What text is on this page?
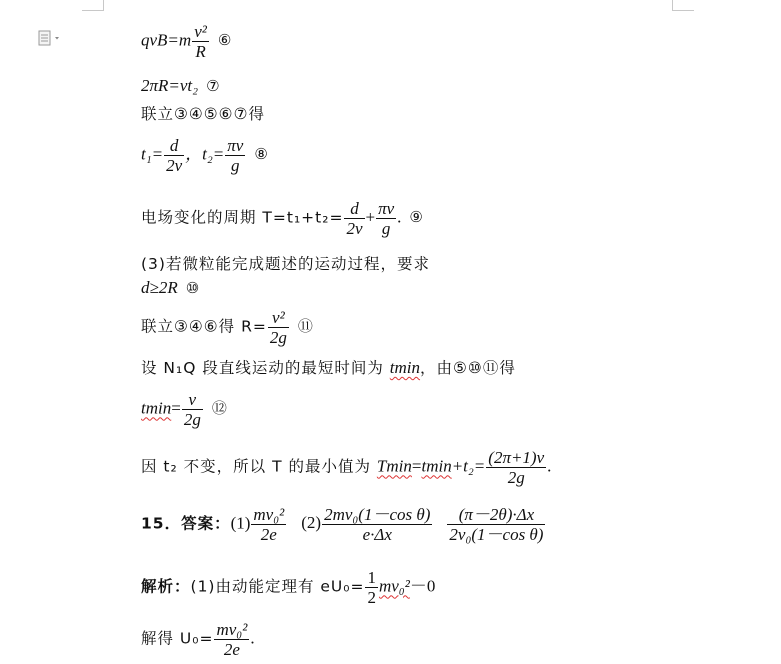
$qvB=m \frac{\text{v²}}{R}$ ⑥
2πR=vt₂ ⑦
联立③④⑤⑥⑦得
$t_1= \frac{d}{2v}$ ，$t_2= \frac{\pi v}{g}$ ⑧
电场变化的周期 $T=t_1+t_2= \frac{d}{2v} + \frac{\pi v}{g}$ . ⑨
(3)若微粒能完成题述的运动过程，要求
d≥2R ⑩
联立③④⑥得 $R= \frac{\text{v²}}{2g}$ ⑪
设 N₁Q 段直线运动的最短时间为 tmin，由⑤⑩⑪得
$tmin= \frac{v}{2g}$ ⑫
因 t₂ 不变，所以 T 的最小值为 $Tmin=tmin+t_2= \frac{(2\pi+1)v}{2g}$ .
15．答案：$(1) \frac{\text{mv₀²}}{2e} (2) \frac{\text{2mv₀(1－cos θ)}}{e\cdot\Delta x} \frac{(\pi-2\theta)\cdot\Delta x}{\text{2v₀(1－cos θ)}}$
解析：(1)由动能定理有 $eU_0= \frac{1}{2} mv_0^2-0$
解得 $U_0= \frac{\text{mv₀²}}{2e}$ .
